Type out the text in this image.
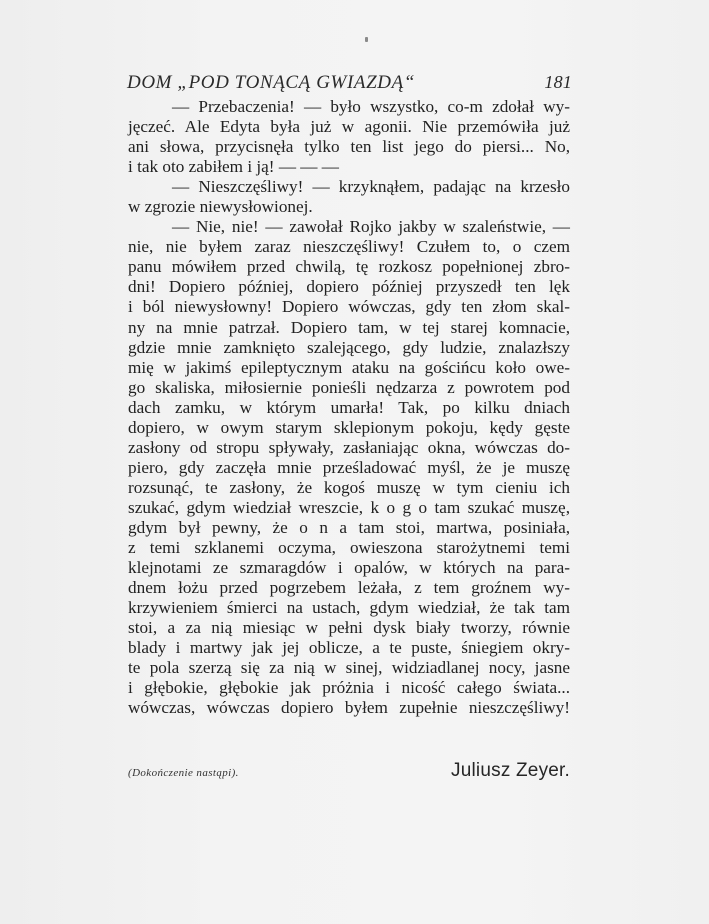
DOM „POD TONĄCĄ GWIAZDĄ“	181
— Przebaczenia! — było wszystko, co-m zdołał wy-
jęczeć. Ale Edyta była już w agonii. Nie przemówiła już
ani słowa, przycisnęła tylko ten list jego do piersi... No,
i tak oto zabiłem i ją! — — —
— Nieszczęśliwy! — krzyknąłem, padając na krzesło
w zgrozie niewysłowionej.
— Nie, nie! — zawołał Rojko jakby w szaleństwie, —
nie, nie byłem zaraz nieszczęśliwy! Czułem to, o czem
panu mówiłem przed chwilą, tę rozkosz popełnionej zbro-
dni! Dopiero później, dopiero później przyszedł ten lęk
i ból niewysłowny! Dopiero wówczas, gdy ten złom skal-
ny na mnie patrzał. Dopiero tam, w tej starej komnacie,
gdzie mnie zamknięto szalejącego, gdy ludzie, znalazłszy
mię w jakimś epileptycznym ataku na gościńcu koło owe-
go skaliska, miłosiernie ponieśli nędzarza z powrotem pod
dach zamku, w którym umarła! Tak, po kilku dniach
dopiero, w owym starym sklepionym pokoju, kędy gęste
zasłony od stropu spływały, zasłaniając okna, wówczas do-
piero, gdy zaczęła mnie prześladować myśl, że je muszę
rozsunąć, te zasłony, że kogoś muszę w tym cieniu ich
szukać, gdym wiedział wreszcie, k o g o tam szukać muszę,
gdym był pewny, że o n a tam stoi, martwa, posiniała,
z temi szklanemi oczyma, owieszona starożytnemi temi
klejnotami ze szmaragdów i opalów, w których na para-
dnem łożu przed pogrzebem leżała, z tem groźnem wy-
krzywieniem śmierci na ustach, gdym wiedział, że tak tam
stoi, a za nią miesiąc w pełni dysk biały tworzy, równie
blady i martwy jak jej oblicze, a te puste, śniegiem okry-
te pola szerzą się za nią w sinej, widziadlanej nocy, jasne
i głębokie, głębokie jak próżnia i nicość całego świata...
wówczas, wówczas dopiero byłem zupełnie nieszczęśliwy!
(Dokończenie nastąpi).	Juliusz Zeyer.
